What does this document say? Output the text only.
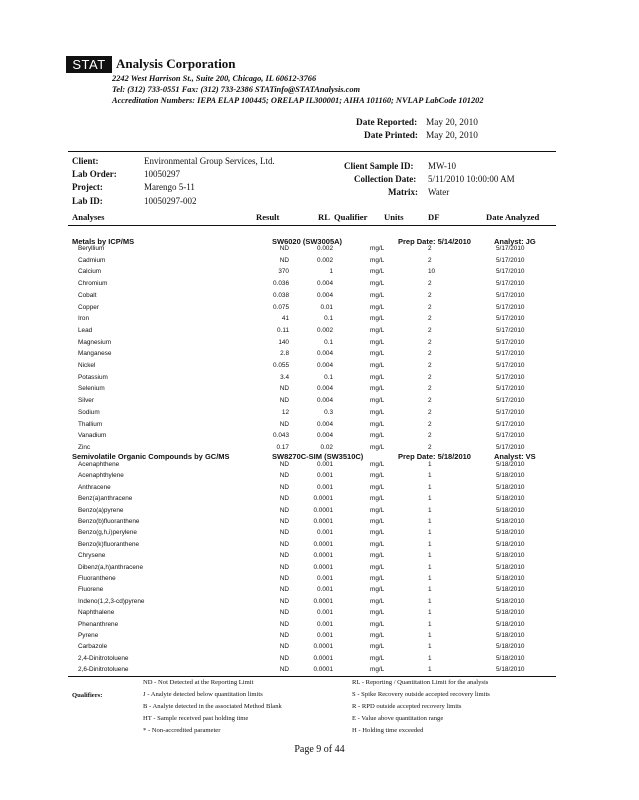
STAT Analysis Corporation
2242 West Harrison St., Suite 200, Chicago, IL 60612-3766
Tel: (312) 733-0551 Fax: (312) 733-2386 STATinfo@STATAnalysis.com
Accreditation Numbers: IEPA ELAP 100445; ORELAP IL300001; AIHA 101160; NVLAP LabCode 101202
Date Reported: May 20, 2010
Date Printed: May 20, 2010
Client:	Environmental Group Services, Ltd.
Lab Order:	10050297
Project:	Marengo 5-11
Lab ID:	10050297-002
Client Sample ID: MW-10
Collection Date: 5/11/2010 10:00:00 AM
Matrix: Water
Analyses	Result	RL Qualifier Units	DF	Date Analyzed
Metals by ICP/MS	SW6020 (SW3005A)	Prep Date: 5/14/2010	Analyst: JG
Beryllium	ND	0.002	mg/L	2	5/17/2010
Cadmium	ND	0.002	mg/L	2	5/17/2010
Calcium	370	1	mg/L	10	5/17/2010
Chromium	0.036	0.004	mg/L	2	5/17/2010
Cobalt	0.038	0.004	mg/L	2	5/17/2010
Copper	0.075	0.01	mg/L	2	5/17/2010
Iron	41	0.1	mg/L	2	5/17/2010
Lead	0.11	0.002	mg/L	2	5/17/2010
Magnesium	140	0.1	mg/L	2	5/17/2010
Manganese	2.8	0.004	mg/L	2	5/17/2010
Nickel	0.055	0.004	mg/L	2	5/17/2010
Potassium	3.4	0.1	mg/L	2	5/17/2010
Selenium	ND	0.004	mg/L	2	5/17/2010
Silver	ND	0.004	mg/L	2	5/17/2010
Sodium	12	0.3	mg/L	2	5/17/2010
Thallium	ND	0.004	mg/L	2	5/17/2010
Vanadium	0.043	0.004	mg/L	2	5/17/2010
Zinc	0.17	0.02	mg/L	2	5/17/2010
Semivolatile Organic Compounds by GC/MS	SW8270C-SIM (SW3510C)	Prep Date: 5/18/2010	Analyst: VS
Acenaphthene	ND	0.001	mg/L	1	5/18/2010
Acenaphthylene	ND	0.001	mg/L	1	5/18/2010
Anthracene	ND	0.001	mg/L	1	5/18/2010
Benz(a)anthracene	ND	0.0001	mg/L	1	5/18/2010
Benzo(a)pyrene	ND	0.0001	mg/L	1	5/18/2010
Benzo(b)fluoranthene	ND	0.0001	mg/L	1	5/18/2010
Benzo(g,h,i)perylene	ND	0.001	mg/L	1	5/18/2010
Benzo(k)fluoranthene	ND	0.0001	mg/L	1	5/18/2010
Chrysene	ND	0.0001	mg/L	1	5/18/2010
Dibenz(a,h)anthracene	ND	0.0001	mg/L	1	5/18/2010
Fluoranthene	ND	0.001	mg/L	1	5/18/2010
Fluorene	ND	0.001	mg/L	1	5/18/2010
Indeno(1,2,3-cd)pyrene	ND	0.0001	mg/L	1	5/18/2010
Naphthalene	ND	0.001	mg/L	1	5/18/2010
Phenanthrene	ND	0.001	mg/L	1	5/18/2010
Pyrene	ND	0.001	mg/L	1	5/18/2010
Carbazole	ND	0.0001	mg/L	1	5/18/2010
2,4-Dinitrotoluene	ND	0.0001	mg/L	1	5/18/2010
2,6-Dinitrotoluene	ND	0.0001	mg/L	1	5/18/2010
Qualifiers:
ND - Not Detected at the Reporting Limit
J - Analyte detected below quantitation limits
B - Analyte detected in the associated Method Blank
HT - Sample received past holding time
* - Non-accredited parameter
RL - Reporting / Quantitation Limit for the analysis
S - Spike Recovery outside accepted recovery limits
R - RPD outside accepted recovery limits
E - Value above quantitation range
H - Holding time exceeded
Page 9 of 44
